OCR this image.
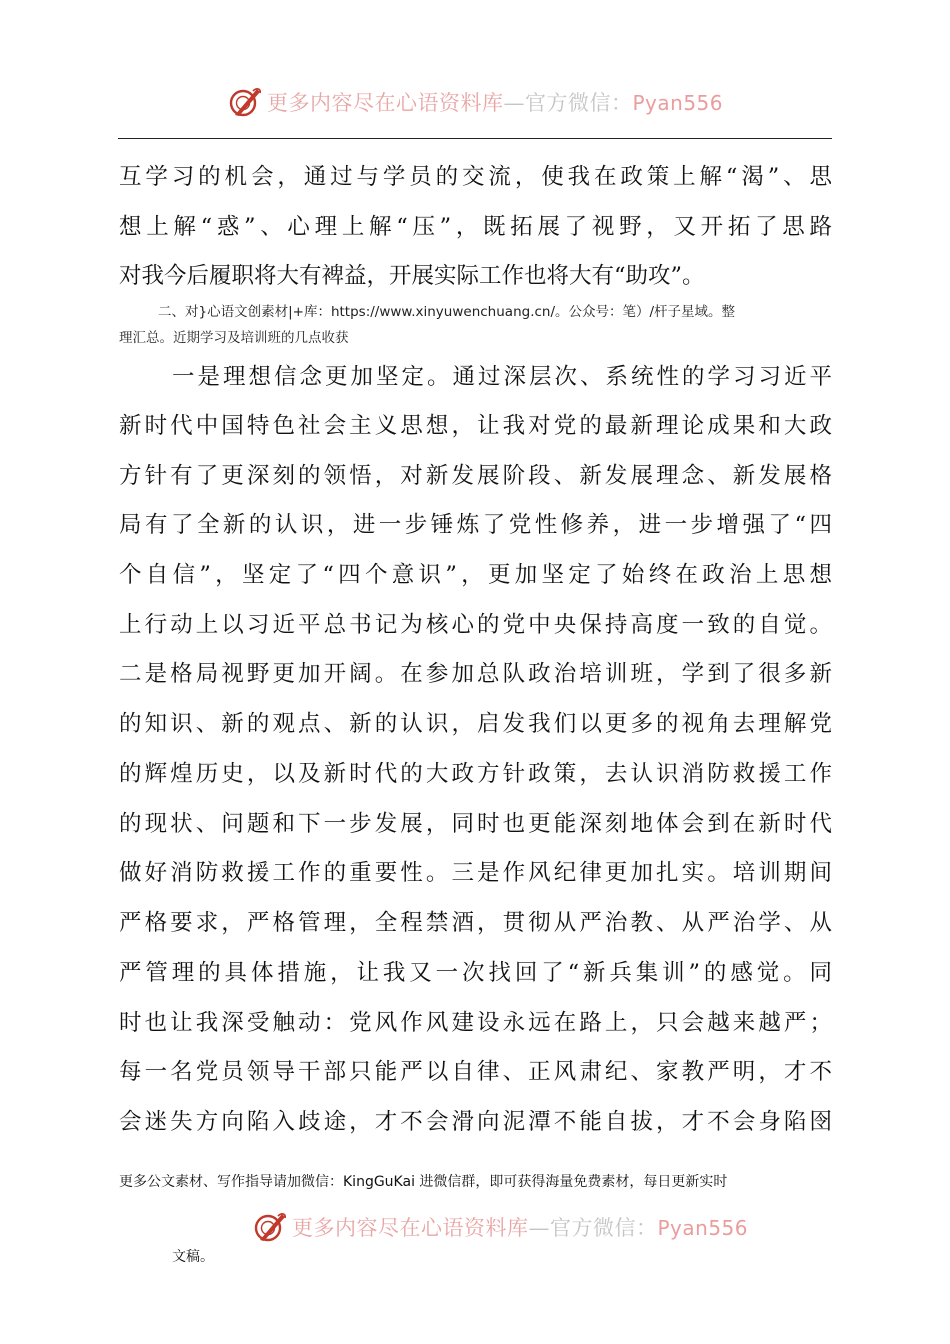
更多内容尽在心语资料库—官方微信：Pyan556
互学习的机会，通过与学员的交流，使我在政策上解“渴”、思
想上解“惑”、心理上解“压”，既拓展了视野，又开拓了思路
对我今后履职将大有裨益，开展实际工作也将大有“助攻”。
二、对}心语文创素材|+库：https://www.xinyuwenchuang.cn/。公众号：笔）/杆子星域。整
理汇总。近期学习及培训班的几点收获
一是理想信念更加坚定。通过深层次、系统性的学习习近平
新时代中国特色社会主义思想，让我对党的最新理论成果和大政
方针有了更深刻的领悟，对新发展阶段、新发展理念、新发展格
局有了全新的认识，进一步锤炼了党性修养，进一步增强了“四
个自信”，坚定了“四个意识”，更加坚定了始终在政治上思想
上行动上以习近平总书记为核心的党中央保持高度一致的自觉。
二是格局视野更加开阔。在参加总队政治培训班，学到了很多新
的知识、新的观点、新的认识，启发我们以更多的视角去理解党
的辉煌历史，以及新时代的大政方针政策，去认识消防救援工作
的现状、问题和下一步发展，同时也更能深刻地体会到在新时代
做好消防救援工作的重要性。三是作风纪律更加扎实。培训期间
严格要求，严格管理，全程禁酒，贯彻从严治教、从严治学、从
严管理的具体措施，让我又一次找回了“新兵集训”的感觉。同
时也让我深受触动：党风作风建设永远在路上，只会越来越严；
每一名党员领导干部只能严以自律、正风肃纪、家教严明，才不
会迷失方向陷入歧途，才不会滑向泥潭不能自拔，才不会身陷囹
更多公文素材、写作指导请加微信：KingGuKai 进微信群，即可获得海量免费素材，每日更新实时
更多内容尽在心语资料库—官方微信：Pyan556
文稿。
